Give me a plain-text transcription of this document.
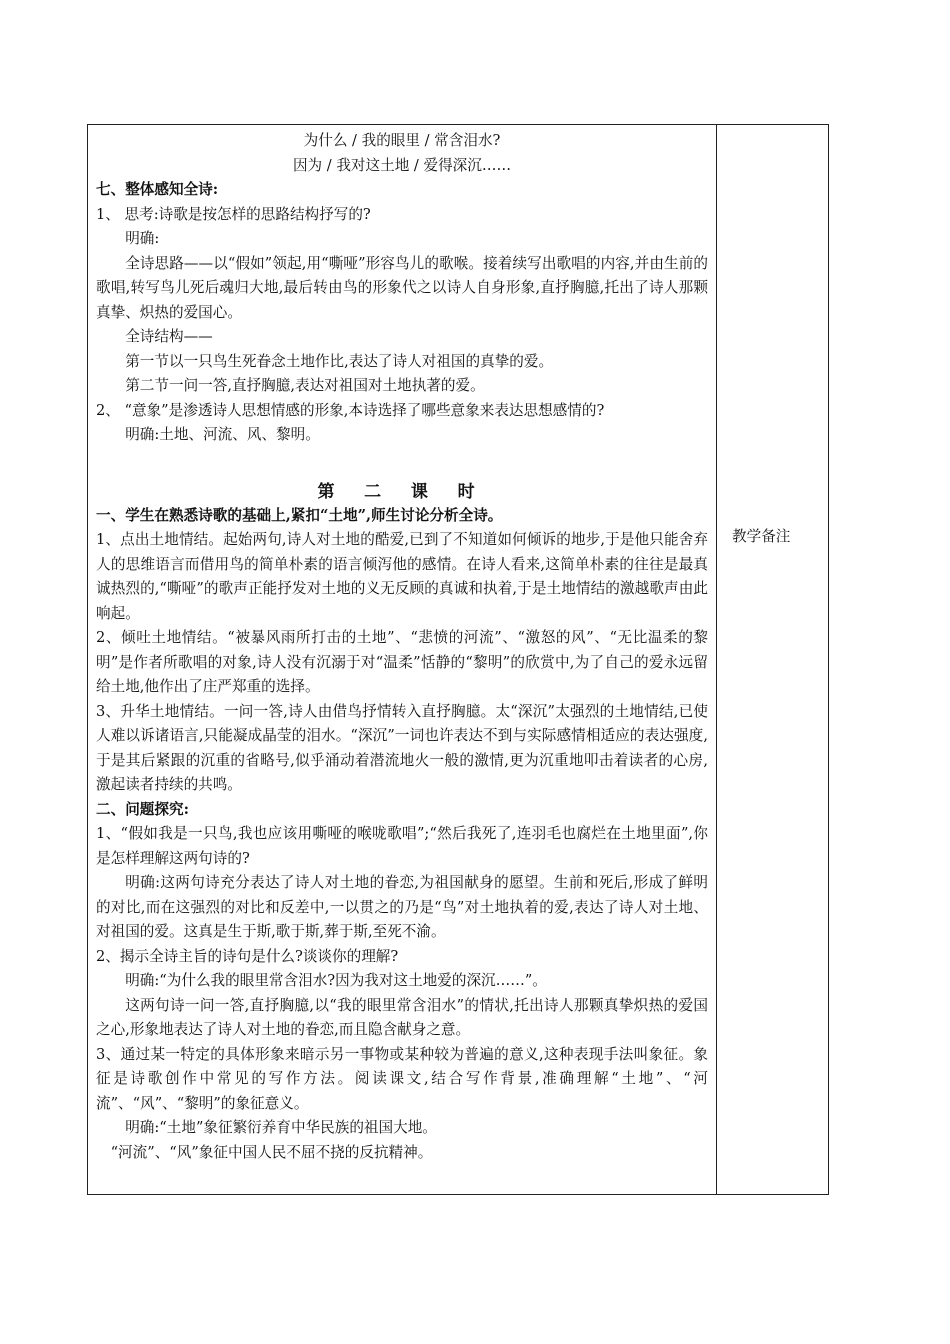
为什么 / 我的眼里 / 常含泪水?

因为 / 我对这土地 / 爱得深沉……

七、整体感知全诗:

1、 思考:诗歌是按怎样的思路结构抒写的?

明确:

全诗思路——以“假如”领起,用“嘶哑”形容鸟儿的歌喉。接着续写出歌唱的内容,并由生前的歌唱,转写鸟儿死后魂归大地,最后转由鸟的形象代之以诗人自身形象,直抒胸臆,托出了诗人那颗真挚、炽热的爱国心。

全诗结构——

第一节以一只鸟生死眷念土地作比,表达了诗人对祖国的真挚的爱。

第二节一问一答,直抒胸臆,表达对祖国对土地执著的爱。

2、 “意象”是渗透诗人思想情感的形象,本诗选择了哪些意象来表达思想感情的?

明确:土地、河流、风、黎明。

第 二 课 时

一、学生在熟悉诗歌的基础上,紧扣“土地”,师生讨论分析全诗。

1、点出土地情结。起始两句,诗人对土地的酷爱,已到了不知道如何倾诉的地步,于是他只能舍弃人的思维语言而借用鸟的简单朴素的语言倾泻他的感情。在诗人看来,这简单朴素的往往是最真诚热烈的,“嘶哑”的歌声正能抒发对土地的义无反顾的真诚和执着,于是土地情结的激越歌声由此响起。

2、倾吐土地情结。“被暴风雨所打击的土地”、“悲愤的河流”、“激怒的风”、“无比温柔的黎明”是作者所歌唱的对象,诗人没有沉溺于对“温柔”恬静的“黎明”的欣赏中,为了自己的爱永远留给土地,他作出了庄严郑重的选择。

3、升华土地情结。一问一答,诗人由借鸟抒情转入直抒胸臆。太“深沉”太强烈的土地情结,已使人难以诉诸语言,只能凝成晶莹的泪水。“深沉”一词也许表达不到与实际感情相适应的表达强度,于是其后紧跟的沉重的省略号,似乎涌动着潜流地火一般的激情,更为沉重地叩击着读者的心房,激起读者持续的共鸣。

二、问题探究:

1、“假如我是一只鸟,我也应该用嘶哑的喉咙歌唱”;“然后我死了,连羽毛也腐烂在土地里面”,你是怎样理解这两句诗的?

明确:这两句诗充分表达了诗人对土地的眷恋,为祖国献身的愿望。生前和死后,形成了鲜明的对比,而在这强烈的对比和反差中,一以贯之的乃是“鸟”对土地执着的爱,表达了诗人对土地、对祖国的爱。这真是生于斯,歌于斯,葬于斯,至死不渝。

2、揭示全诗主旨的诗句是什么?谈谈你的理解?

明确:“为什么我的眼里常含泪水?因为我对这土地爱的深沉……”。

这两句诗一问一答,直抒胸臆,以“我的眼里常含泪水”的情状,托出诗人那颗真挚炽热的爱国之心,形象地表达了诗人对土地的眷恋,而且隐含献身之意。

3、通过某一特定的具体形象来暗示另一事物或某种较为普遍的意义,这种表现手法叫象征。象征是诗歌创作中常见的写作方法。阅读课文,结合写作背景,准确理解“土地”、“河流”、“风”、“黎明”的象征意义。

明确:“土地”象征繁衍养育中华民族的祖国大地。

“河流”、“风”象征中国人民不屈不挠的反抗精神。

教学备注
